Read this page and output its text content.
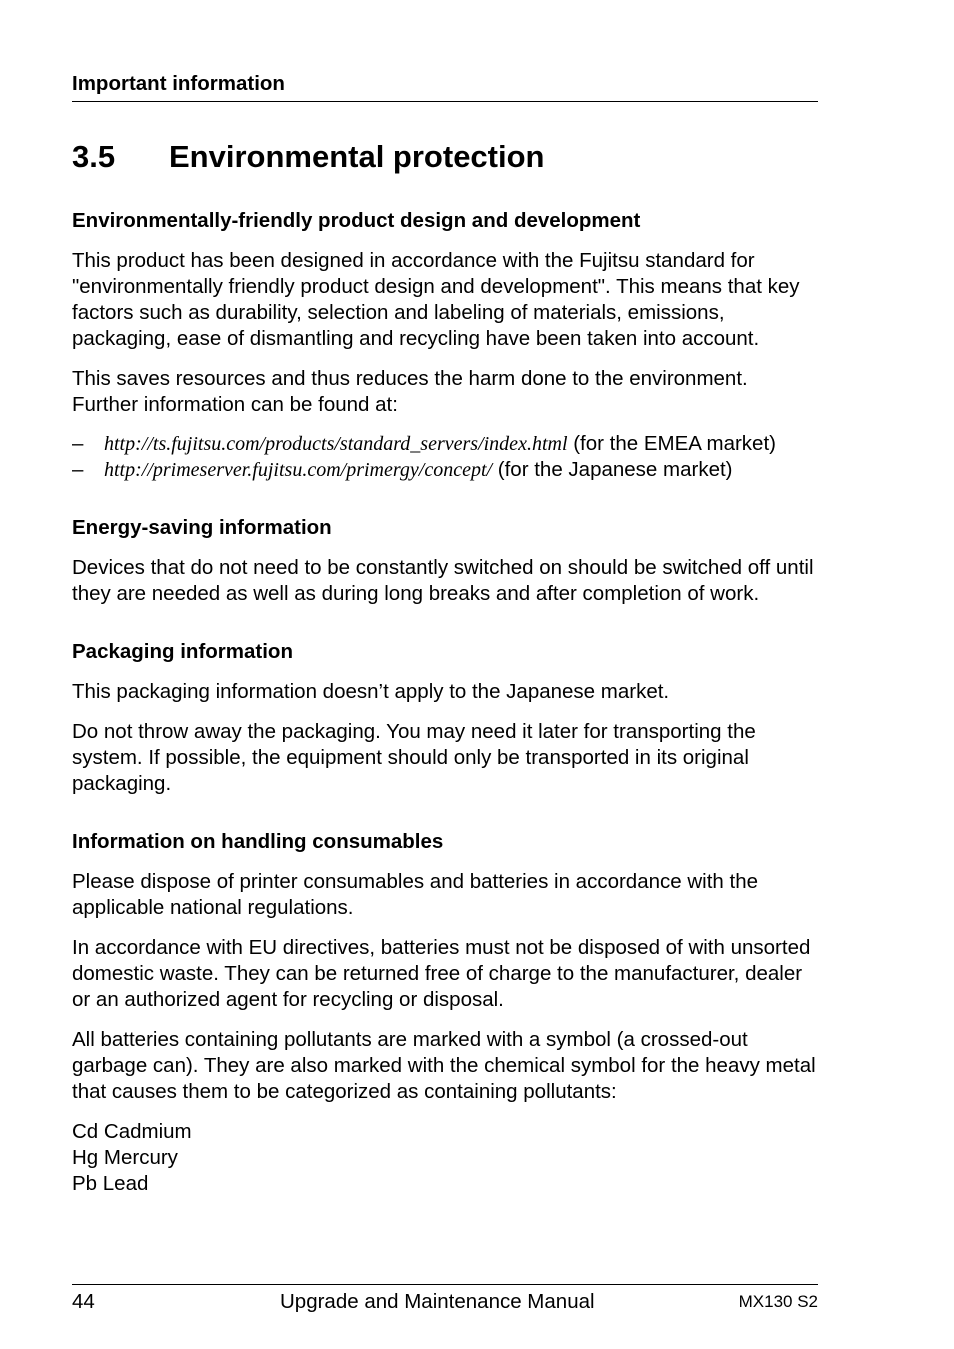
Important information
3.5 Environmental protection
Environmentally-friendly product design and development

This product has been designed in accordance with the Fujitsu standard for "environmentally friendly product design and development". This means that key factors such as durability, selection and labeling of materials, emissions, packaging, ease of dismantling and recycling have been taken into account.

This saves resources and thus reduces the harm done to the environment. Further information can be found at:

– http://ts.fujitsu.com/products/standard_servers/index.html (for the EMEA market)
– http://primeserver.fujitsu.com/primergy/concept/ (for the Japanese market)
Energy-saving information

Devices that do not need to be constantly switched on should be switched off until they are needed as well as during long breaks and after completion of work.

Packaging information

This packaging information doesn’t apply to the Japanese market.

Do not throw away the packaging. You may need it later for transporting the system. If possible, the equipment should only be transported in its original packaging.

Information on handling consumables

Please dispose of printer consumables and batteries in accordance with the applicable national regulations.

In accordance with EU directives, batteries must not be disposed of with unsorted domestic waste. They can be returned free of charge to the manufacturer, dealer or an authorized agent for recycling or disposal.

All batteries containing pollutants are marked with a symbol (a crossed-out garbage can). They are also marked with the chemical symbol for the heavy metal that causes them to be categorized as containing pollutants:

Cd Cadmium

Hg Mercury

Pb Lead

44	Upgrade and Maintenance Manual	MX130 S2
